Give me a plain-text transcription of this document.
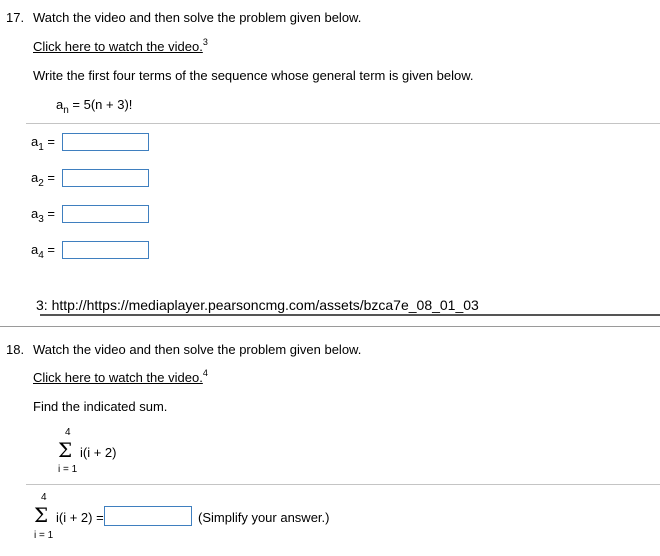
17. Watch the video and then solve the problem given below.
Click here to watch the video.$^3$
Write the first four terms of the sequence whose general term is given below.
$a_n = 5(n + 3)$!
$a_1$ =
$a_2$ =
$a_3$ =
$a_4$ =
3: http://https://mediaplayer.pearsoncmg.com/assets/bzca7e_08_01_03
18. Watch the video and then solve the problem given below.
Click here to watch the video.$^4$
Find the indicated sum.
4
Σ i(i + 2)
i = 1
4
Σ i(i + 2) =	(Simplify your answer.)
i = 1
